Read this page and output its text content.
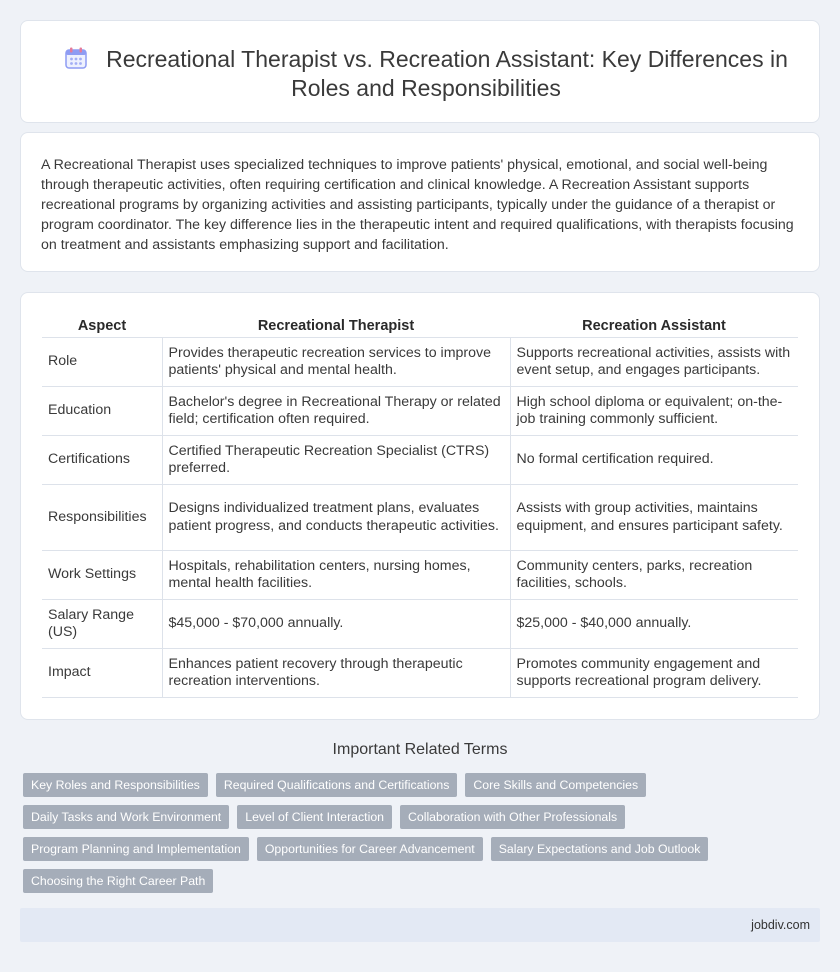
Recreational Therapist vs. Recreation Assistant: Key Differences in Roles and Responsibilities

A Recreational Therapist uses specialized techniques to improve patients' physical, emotional, and social well-being through therapeutic activities, often requiring certification and clinical knowledge. A Recreation Assistant supports recreational programs by organizing activities and assisting participants, typically under the guidance of a therapist or program coordinator. The key difference lies in the therapeutic intent and required qualifications, with therapists focusing on treatment and assistants emphasizing support and facilitation.

Aspect	Recreational Therapist	Recreation Assistant
Role	Provides therapeutic recreation services to improve patients' physical and mental health.	Supports recreational activities, assists with event setup, and engages participants.
Education	Bachelor's degree in Recreational Therapy or related field; certification often required.	High school diploma or equivalent; on-the-job training commonly sufficient.
Certifications	Certified Therapeutic Recreation Specialist (CTRS) preferred.	No formal certification required.
Responsibilities	Designs individualized treatment plans, evaluates patient progress, and conducts therapeutic activities.	Assists with group activities, maintains equipment, and ensures participant safety.
Work Settings	Hospitals, rehabilitation centers, nursing homes, mental health facilities.	Community centers, parks, recreation facilities, schools.
Salary Range (US)	$45,000 - $70,000 annually.	$25,000 - $40,000 annually.
Impact	Enhances patient recovery through therapeutic recreation interventions.	Promotes community engagement and supports recreational program delivery.
Important Related Terms
Key Roles and Responsibilities	Required Qualifications and Certifications	Core Skills and Competencies
Daily Tasks and Work Environment	Level of Client Interaction	Collaboration with Other Professionals
Program Planning and Implementation	Opportunities for Career Advancement	Salary Expectations and Job Outlook
Choosing the Right Career Path
jobdiv.com
